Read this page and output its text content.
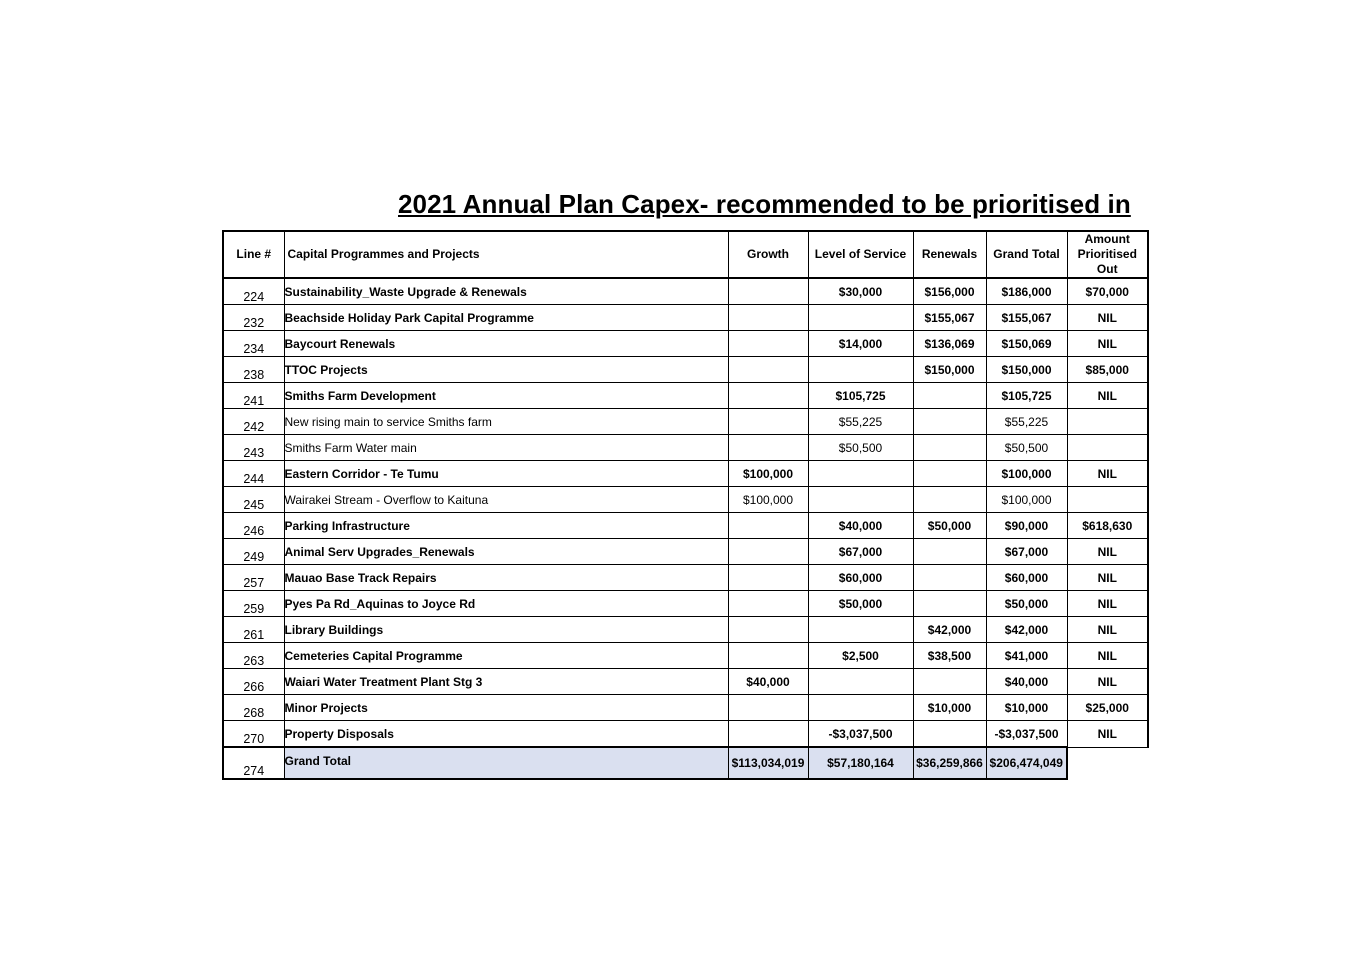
2021 Annual Plan Capex- recommended to be prioritised in
Line #	Capital Programmes and Projects	Growth	Level of Service	Renewals	Grand Total	Amount Prioritised Out
224	Sustainability_Waste Upgrade & Renewals		$30,000	$156,000	$186,000	$70,000
232	Beachside Holiday Park Capital Programme			$155,067	$155,067	NIL
234	Baycourt Renewals		$14,000	$136,069	$150,069	NIL
238	TTOC Projects			$150,000	$150,000	$85,000
241	Smiths Farm Development		$105,725		$105,725	NIL
242	New rising main to service Smiths farm		$55,225		$55,225	
243	Smiths Farm Water main		$50,500		$50,500	
244	Eastern Corridor - Te Tumu	$100,000			$100,000	NIL
245	Wairakei Stream - Overflow to Kaituna	$100,000			$100,000	
246	Parking Infrastructure		$40,000	$50,000	$90,000	$618,630
249	Animal Serv Upgrades_Renewals		$67,000		$67,000	NIL
257	Mauao Base Track Repairs		$60,000		$60,000	NIL
259	Pyes Pa Rd_Aquinas to Joyce Rd		$50,000		$50,000	NIL
261	Library Buildings			$42,000	$42,000	NIL
263	Cemeteries Capital Programme		$2,500	$38,500	$41,000	NIL
266	Waiari Water Treatment Plant Stg 3	$40,000			$40,000	NIL
268	Minor Projects			$10,000	$10,000	$25,000
270	Property Disposals		-$3,037,500		-$3,037,500	NIL
274	Grand Total	$113,034,019	$57,180,164	$36,259,866	$206,474,049	
